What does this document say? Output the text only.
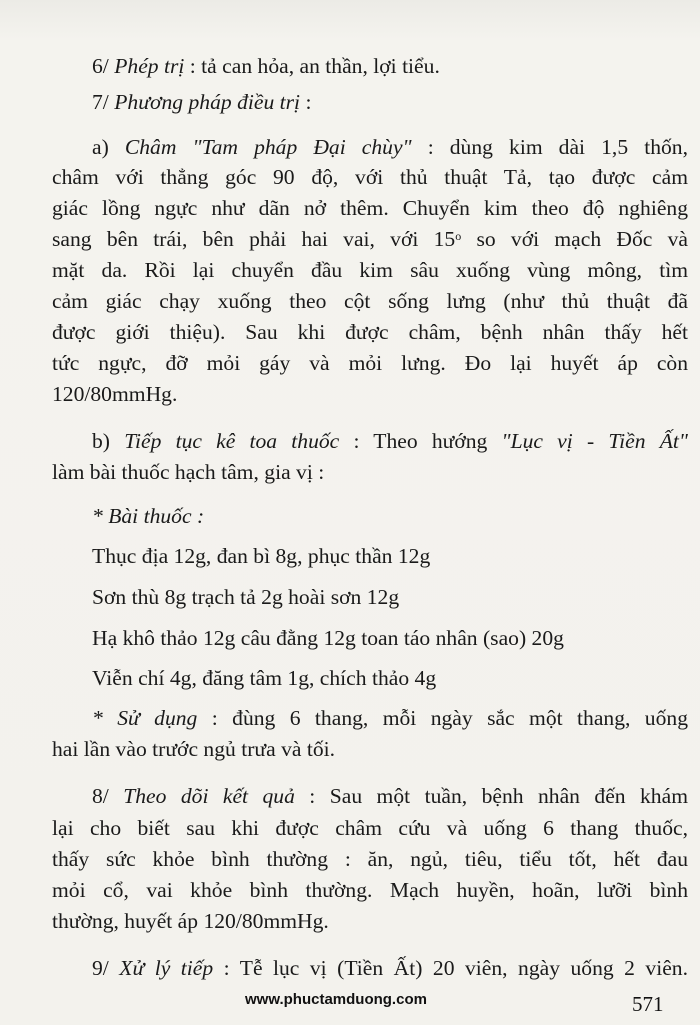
6/ Phép trị : tả can hỏa, an thần, lợi tiểu.
7/ Phương pháp điều trị :
a) Châm "Tam pháp Đại chùy" : dùng kim dài 1,5 thốn,
châm với thẳng góc 90 độ, với thủ thuật Tả, tạo được cảm
giác lồng ngực như dãn nở thêm. Chuyển kim theo độ nghiêng
sang bên trái, bên phải hai vai, với 15$^o$ so với mạch Đốc và
mặt da. Rồi lại chuyển đầu kim sâu xuống vùng mông, tìm
cảm giác chạy xuống theo cột sống lưng (như thủ thuật đã
được giới thiệu). Sau khi được châm, bệnh nhân thấy hết
tức ngực, đỡ mỏi gáy và mỏi lưng. Đo lại huyết áp còn
120/80mmHg.
b) Tiếp tục kê toa thuốc : Theo hướng "Lục vị - Tiền Ất"
làm bài thuốc hạch tâm, gia vị :
* Bài thuốc :
Thục địa 12g, đan bì 8g, phục thần 12g
Sơn thù 8g trạch tả 2g hoài sơn 12g
Hạ khô thảo 12g câu đằng 12g toan táo nhân (sao) 20g
Viễn chí 4g, đăng tâm 1g, chích thảo 4g
* Sử dụng : đùng 6 thang, mỗi ngày sắc một thang, uống
hai lần vào trước ngủ trưa và tối.
8/ Theo dõi kết quả : Sau một tuần, bệnh nhân đến khám
lại cho biết sau khi được châm cứu và uống 6 thang thuốc,
thấy sức khỏe bình thường : ăn, ngủ, tiêu, tiểu tốt, hết đau
mỏi cổ, vai khỏe bình thường. Mạch huyền, hoãn, lưỡi bình
thường, huyết áp 120/80mmHg.
9/ Xử lý tiếp : Tễ lục vị (Tiền Ất) 20 viên, ngày uống 2 viên.
www.phuctamduong.com	571
